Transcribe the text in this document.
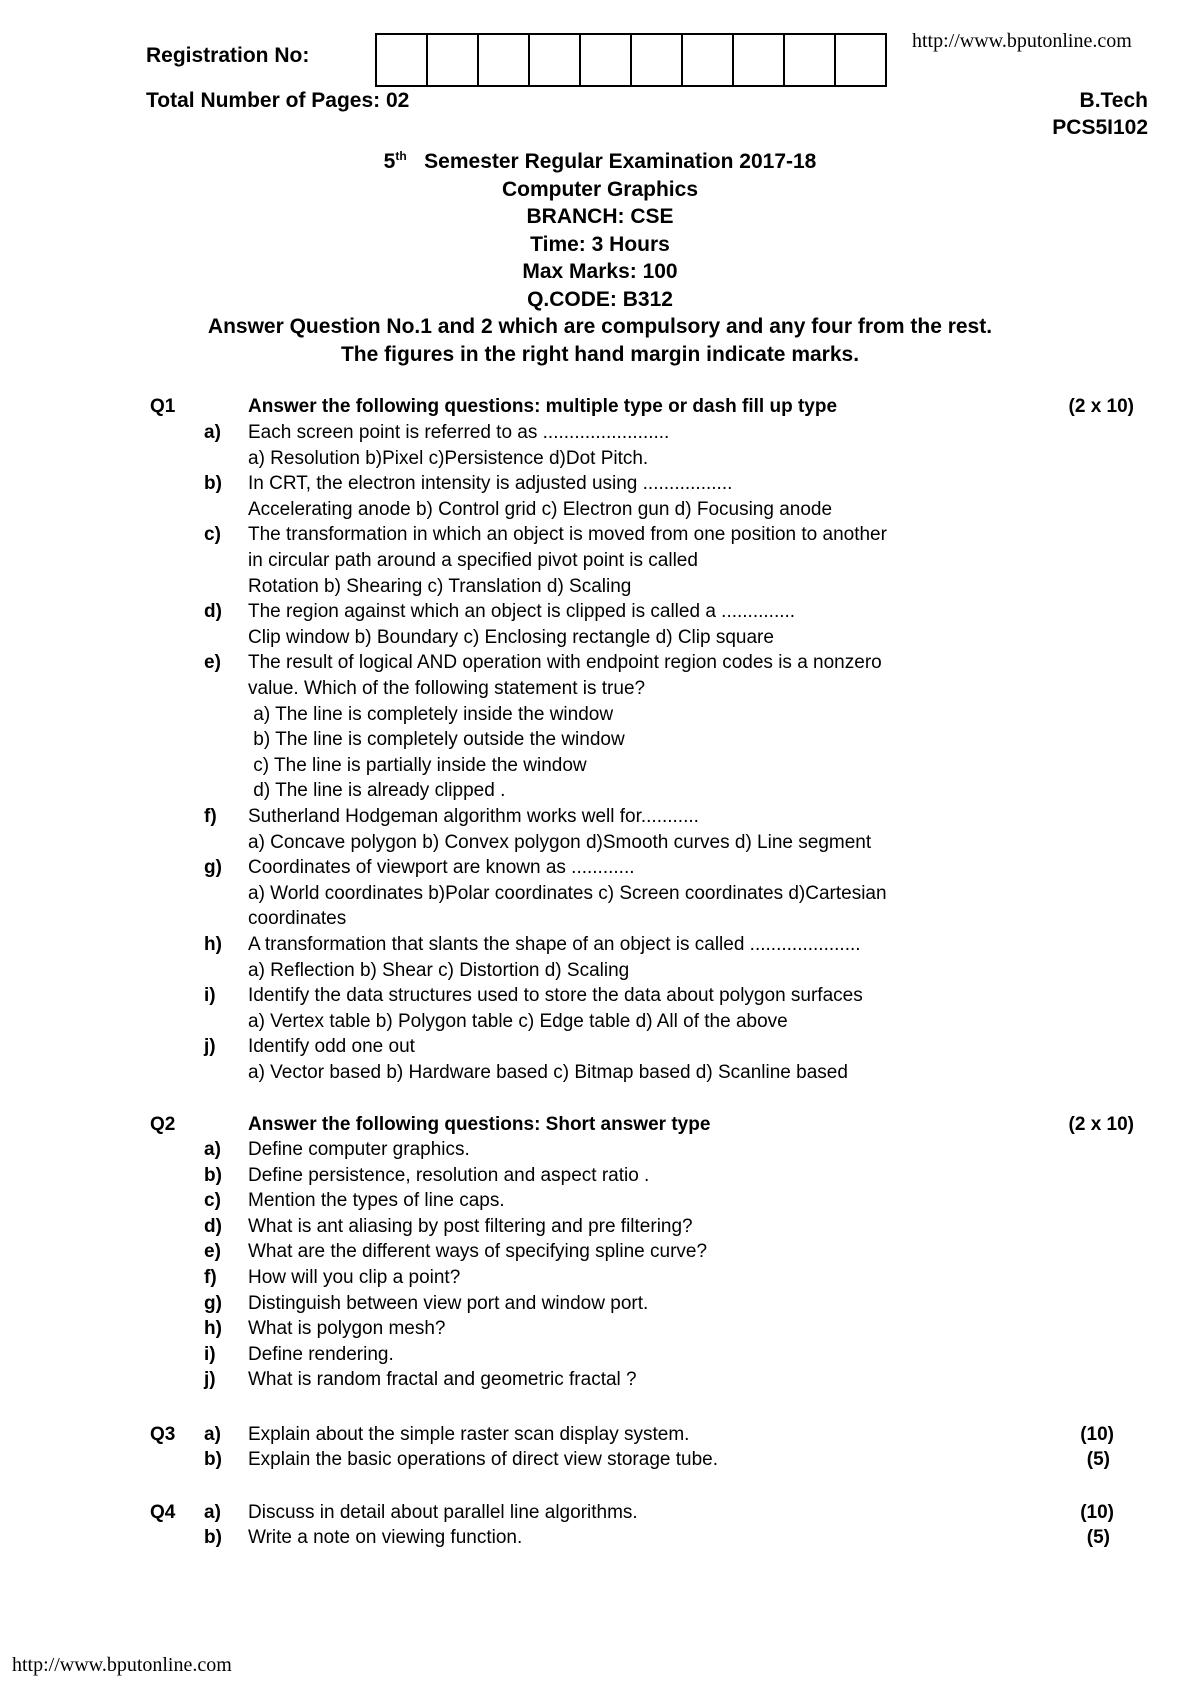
Registration No:
http://www.bputonline.com
Total Number of Pages: 02	B.Tech
PCS5I102
5th Semester Regular Examination 2017-18
Computer Graphics
BRANCH: CSE
Time: 3 Hours
Max Marks: 100
Q.CODE: B312
Answer Question No.1 and 2 which are compulsory and any four from the rest.
The figures in the right hand margin indicate marks.
Q1	Answer the following questions: multiple type or dash fill up type	(2 x 10)
a) Each screen point is referred to as ........................
a) Resolution b)Pixel c)Persistence d)Dot Pitch.
b) In CRT, the electron intensity is adjusted using .................
Accelerating anode b) Control grid c) Electron gun d) Focusing anode
c) The transformation in which an object is moved from one position to another
in circular path around a specified pivot point is called
Rotation b) Shearing c) Translation d) Scaling
d) The region against which an object is clipped is called a ..............
Clip window b) Boundary c) Enclosing rectangle d) Clip square
e) The result of logical AND operation with endpoint region codes is a nonzero
value. Which of the following statement is true?
a) The line is completely inside the window
b) The line is completely outside the window
c) The line is partially inside the window
d) The line is already clipped .
f) Sutherland Hodgeman algorithm works well for...........
a) Concave polygon b) Convex polygon d)Smooth curves d) Line segment
g) Coordinates of viewport are known as ............
a) World coordinates b)Polar coordinates c) Screen coordinates d)Cartesian
coordinates
h) A transformation that slants the shape of an object is called .....................
a) Reflection b) Shear c) Distortion d) Scaling
i) Identify the data structures used to store the data about polygon surfaces
a) Vertex table b) Polygon table c) Edge table d) All of the above
j) Identify odd one out
a) Vector based b) Hardware based c) Bitmap based d) Scanline based
Q2	Answer the following questions: Short answer type	(2 x 10)
a) Define computer graphics.
b) Define persistence, resolution and aspect ratio .
c) Mention the types of line caps.
d) What is ant aliasing by post filtering and pre filtering?
e) What are the different ways of specifying spline curve?
f) How will you clip a point?
g) Distinguish between view port and window port.
h) What is polygon mesh?
i) Define rendering.
j) What is random fractal and geometric fractal ?
Q3 a) Explain about the simple raster scan display system.	(10)
b) Explain the basic operations of direct view storage tube.	(5)
Q4 a) Discuss in detail about parallel line algorithms.	(10)
b) Write a note on viewing function.	(5)
http://www.bputonline.com
